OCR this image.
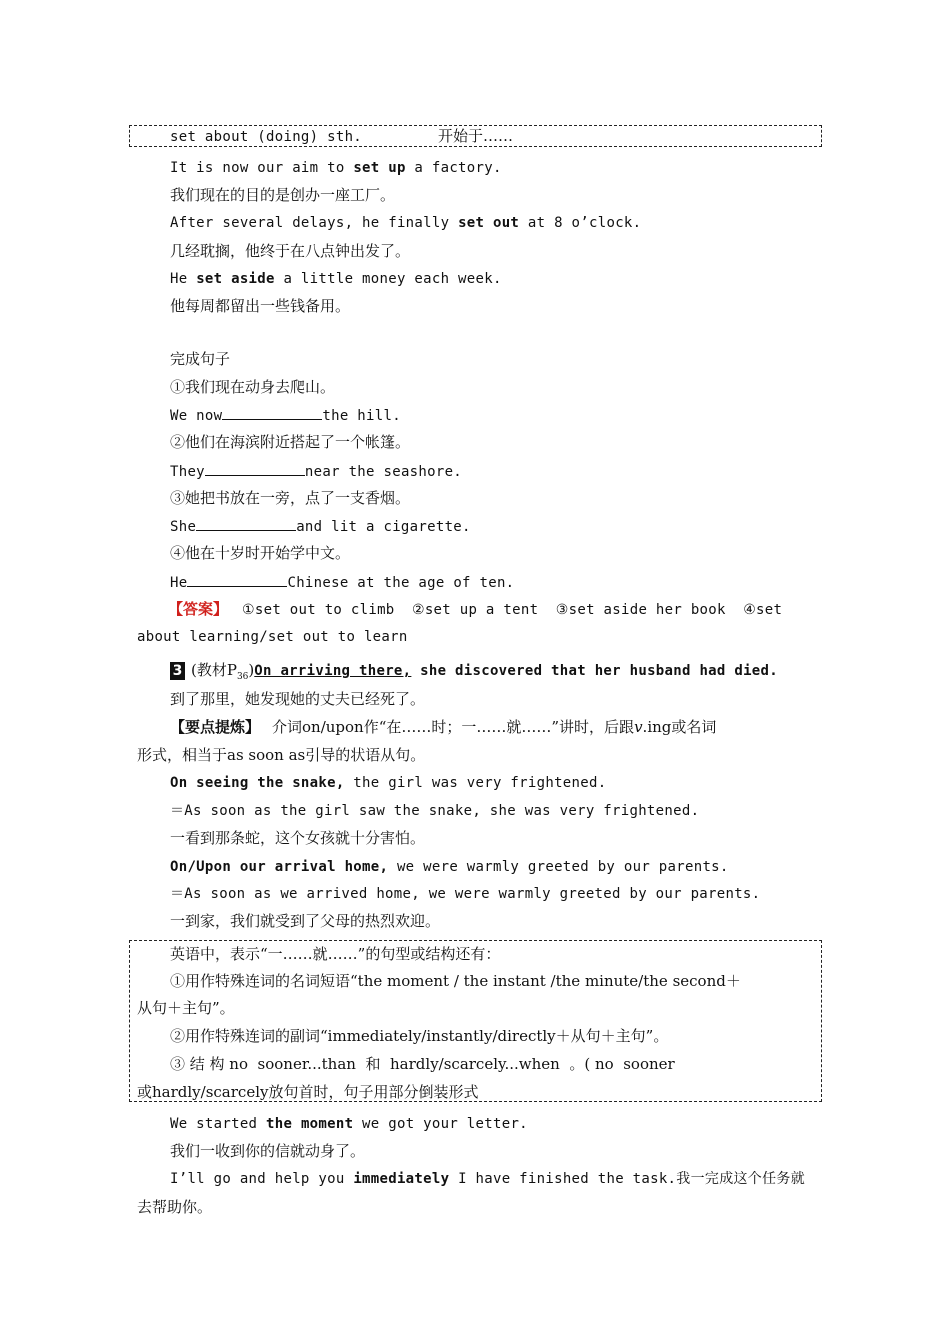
set about (doing) sth.	开始于……
It is now our aim to set up a factory.
我们现在的目的是创办一座工厂。
After several delays, he finally set out at 8 o’clock.
几经耽搁，他终于在八点钟出发了。
He set aside a little money each week.
他每周都留出一些钱备用。
完成句子
①我们现在动身去爬山。
We now	the hill.
②他们在海滨附近搭起了一个帐篷。
They	near the seashore.
③她把书放在一旁，点了一支香烟。
She	and lit a cigarette.
④他在十岁时开始学中文。
He	Chinese at the age of ten.
【答案】 ①set out to climb  ②set up a tent  ③set aside her book  ④set
about learning/set out to learn
3 (教材$P_{36})On$ arriving there, she discovered that her husband had died.
到了那里，她发现她的丈夫已经死了。
【要点提炼】 介词on/upon作“在……时；一……就……”讲时，后跟v.ing或名词
形式，相当于as soon as引导的状语从句。
On seeing the snake, the girl was very frightened.
＝As soon as the girl saw the snake, she was very frightened.
一看到那条蛇，这个女孩就十分害怕。
On/Upon our arrival home, we were warmly greeted by our parents.
＝As soon as we arrived home, we were warmly greeted by our parents.
一到家，我们就受到了父母的热烈欢迎。
英语中，表示“一……就……”的句型或结构还有：
①用作特殊连词的名词短语“the moment / the instant /the minute/the second＋
从句＋主句”。
②用作特殊连词的副词“immediately/instantly/directly＋从句＋主句”。
③ 结 构 no  sooner...than  和  hardly/scarcely...when  。( no  sooner
或hardly/scarcely放句首时，句子用部分倒装形式
We started the moment we got your letter.
我们一收到你的信就动身了。
I’ll go and help you immediately I have finished the task.我一完成这个任务就
去帮助你。
